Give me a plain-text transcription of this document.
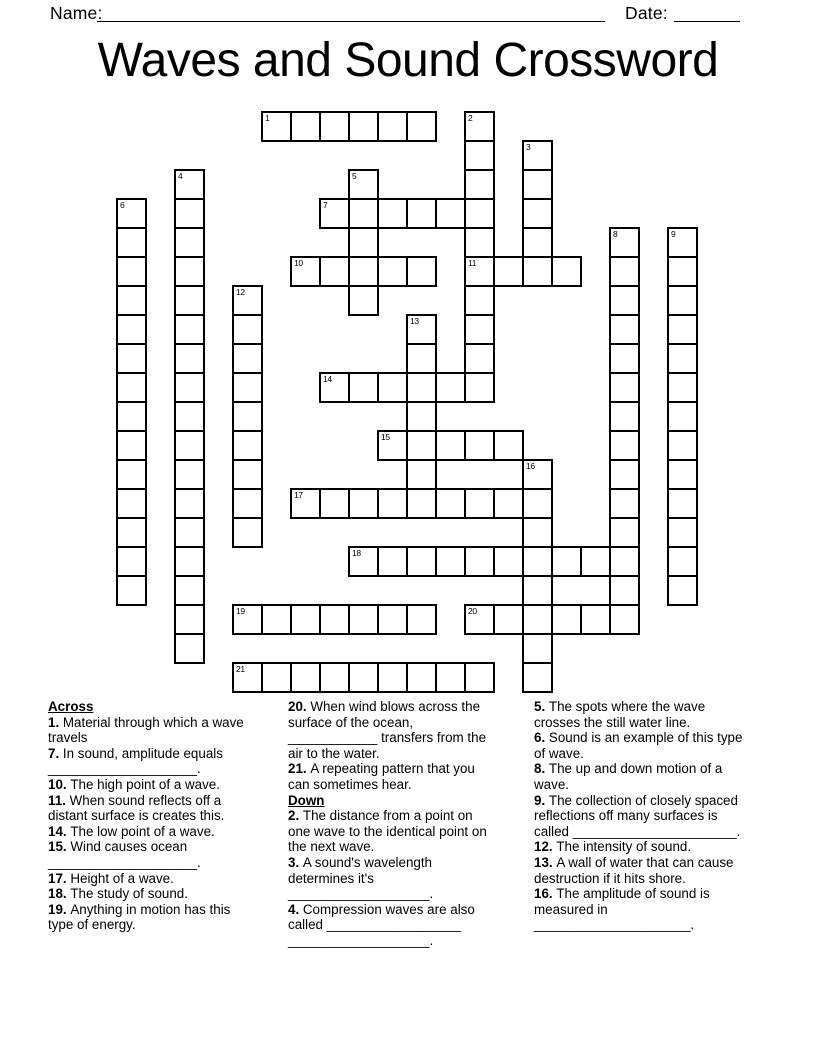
Name:	Date:
Waves and Sound Crossword
1	2
11
3
4	5
6	7
8	9
10
12
13
14
15
16
17
18
19	20
21
Across
1. Material through which a wave travels
7. In sound, amplitude equals ____________________.
10. The high point of a wave.
11. When sound reflects off a distant surface is creates this.
14. The low point of a wave.
15. Wind causes ocean ____________________.
17. Height of a wave.
18. The study of sound.
19. Anything in motion has this type of energy.
20. When wind blows across the surface of the ocean, ____________ transfers from the air to the water.
21. A repeating pattern that you can sometimes hear.
Down
2. The distance from a point on one wave to the identical point on the next wave.
3. A sound's wavelength determines it's ___________________.
4. Compression waves are also called __________________ ___________________.
5. The spots where the wave crosses the still water line.
6. Sound is an example of this type of wave.
8. The up and down motion of a wave.
9. The collection of closely spaced reflections off many surfaces is called ______________________.
12. The intensity of sound.
13. A wall of water that can cause destruction if it hits shore.
16. The amplitude of sound is measured in _____________________.
